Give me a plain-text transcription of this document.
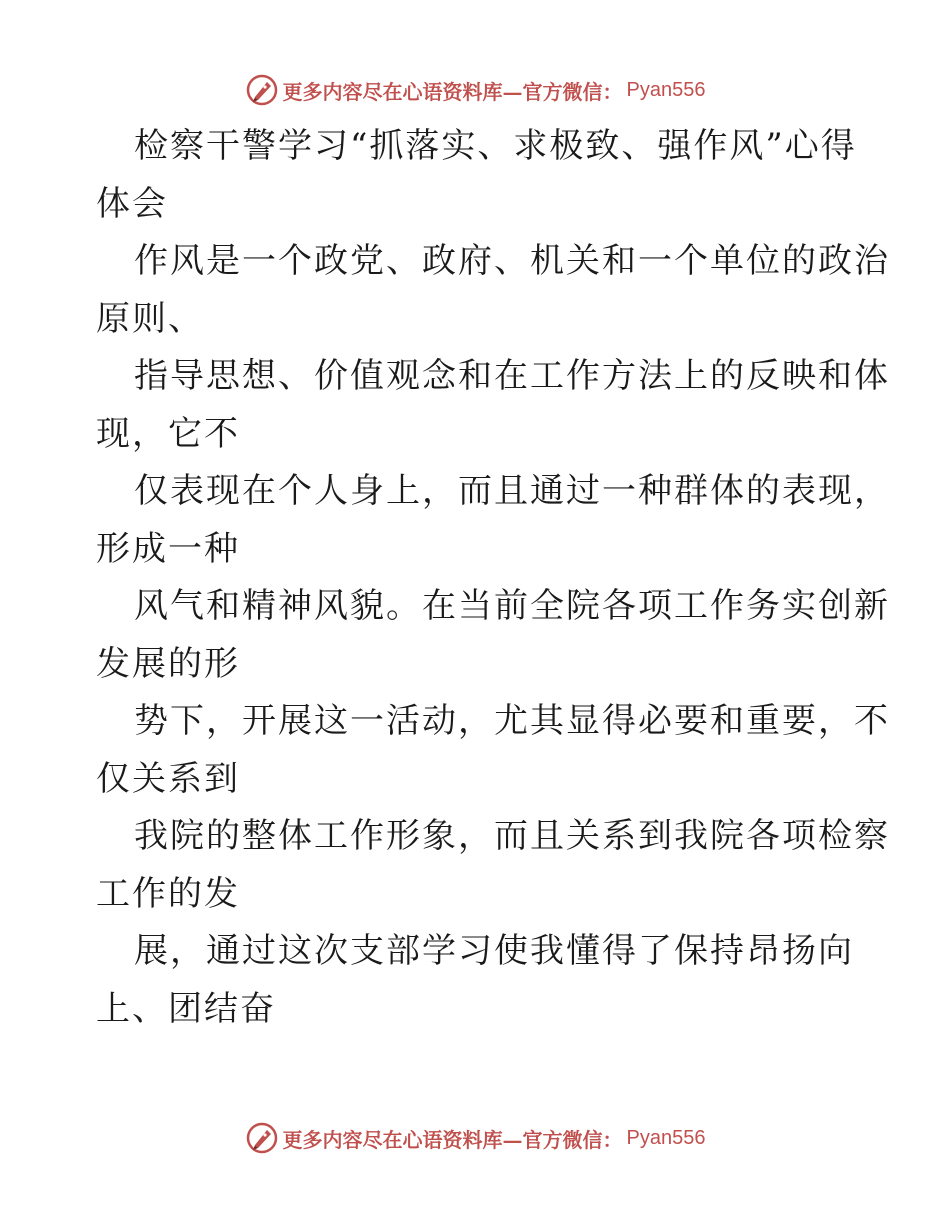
更多内容尽在心语资料库—官方微信： Pyan556
检察干警学习“抓落实、求极致、强作风”心得
体会
作风是一个政党、政府、机关和一个单位的政治
原则、
指导思想、价值观念和在工作方法上的反映和体
现，它不
仅表现在个人身上，而且通过一种群体的表现，
形成一种
风气和精神风貌。在当前全院各项工作务实创新
发展的形
势下，开展这一活动，尤其显得必要和重要，不
仅关系到
我院的整体工作形象，而且关系到我院各项检察
工作的发
展，通过这次支部学习使我懂得了保持昂扬向
上、团结奋
更多内容尽在心语资料库—官方微信： Pyan556
